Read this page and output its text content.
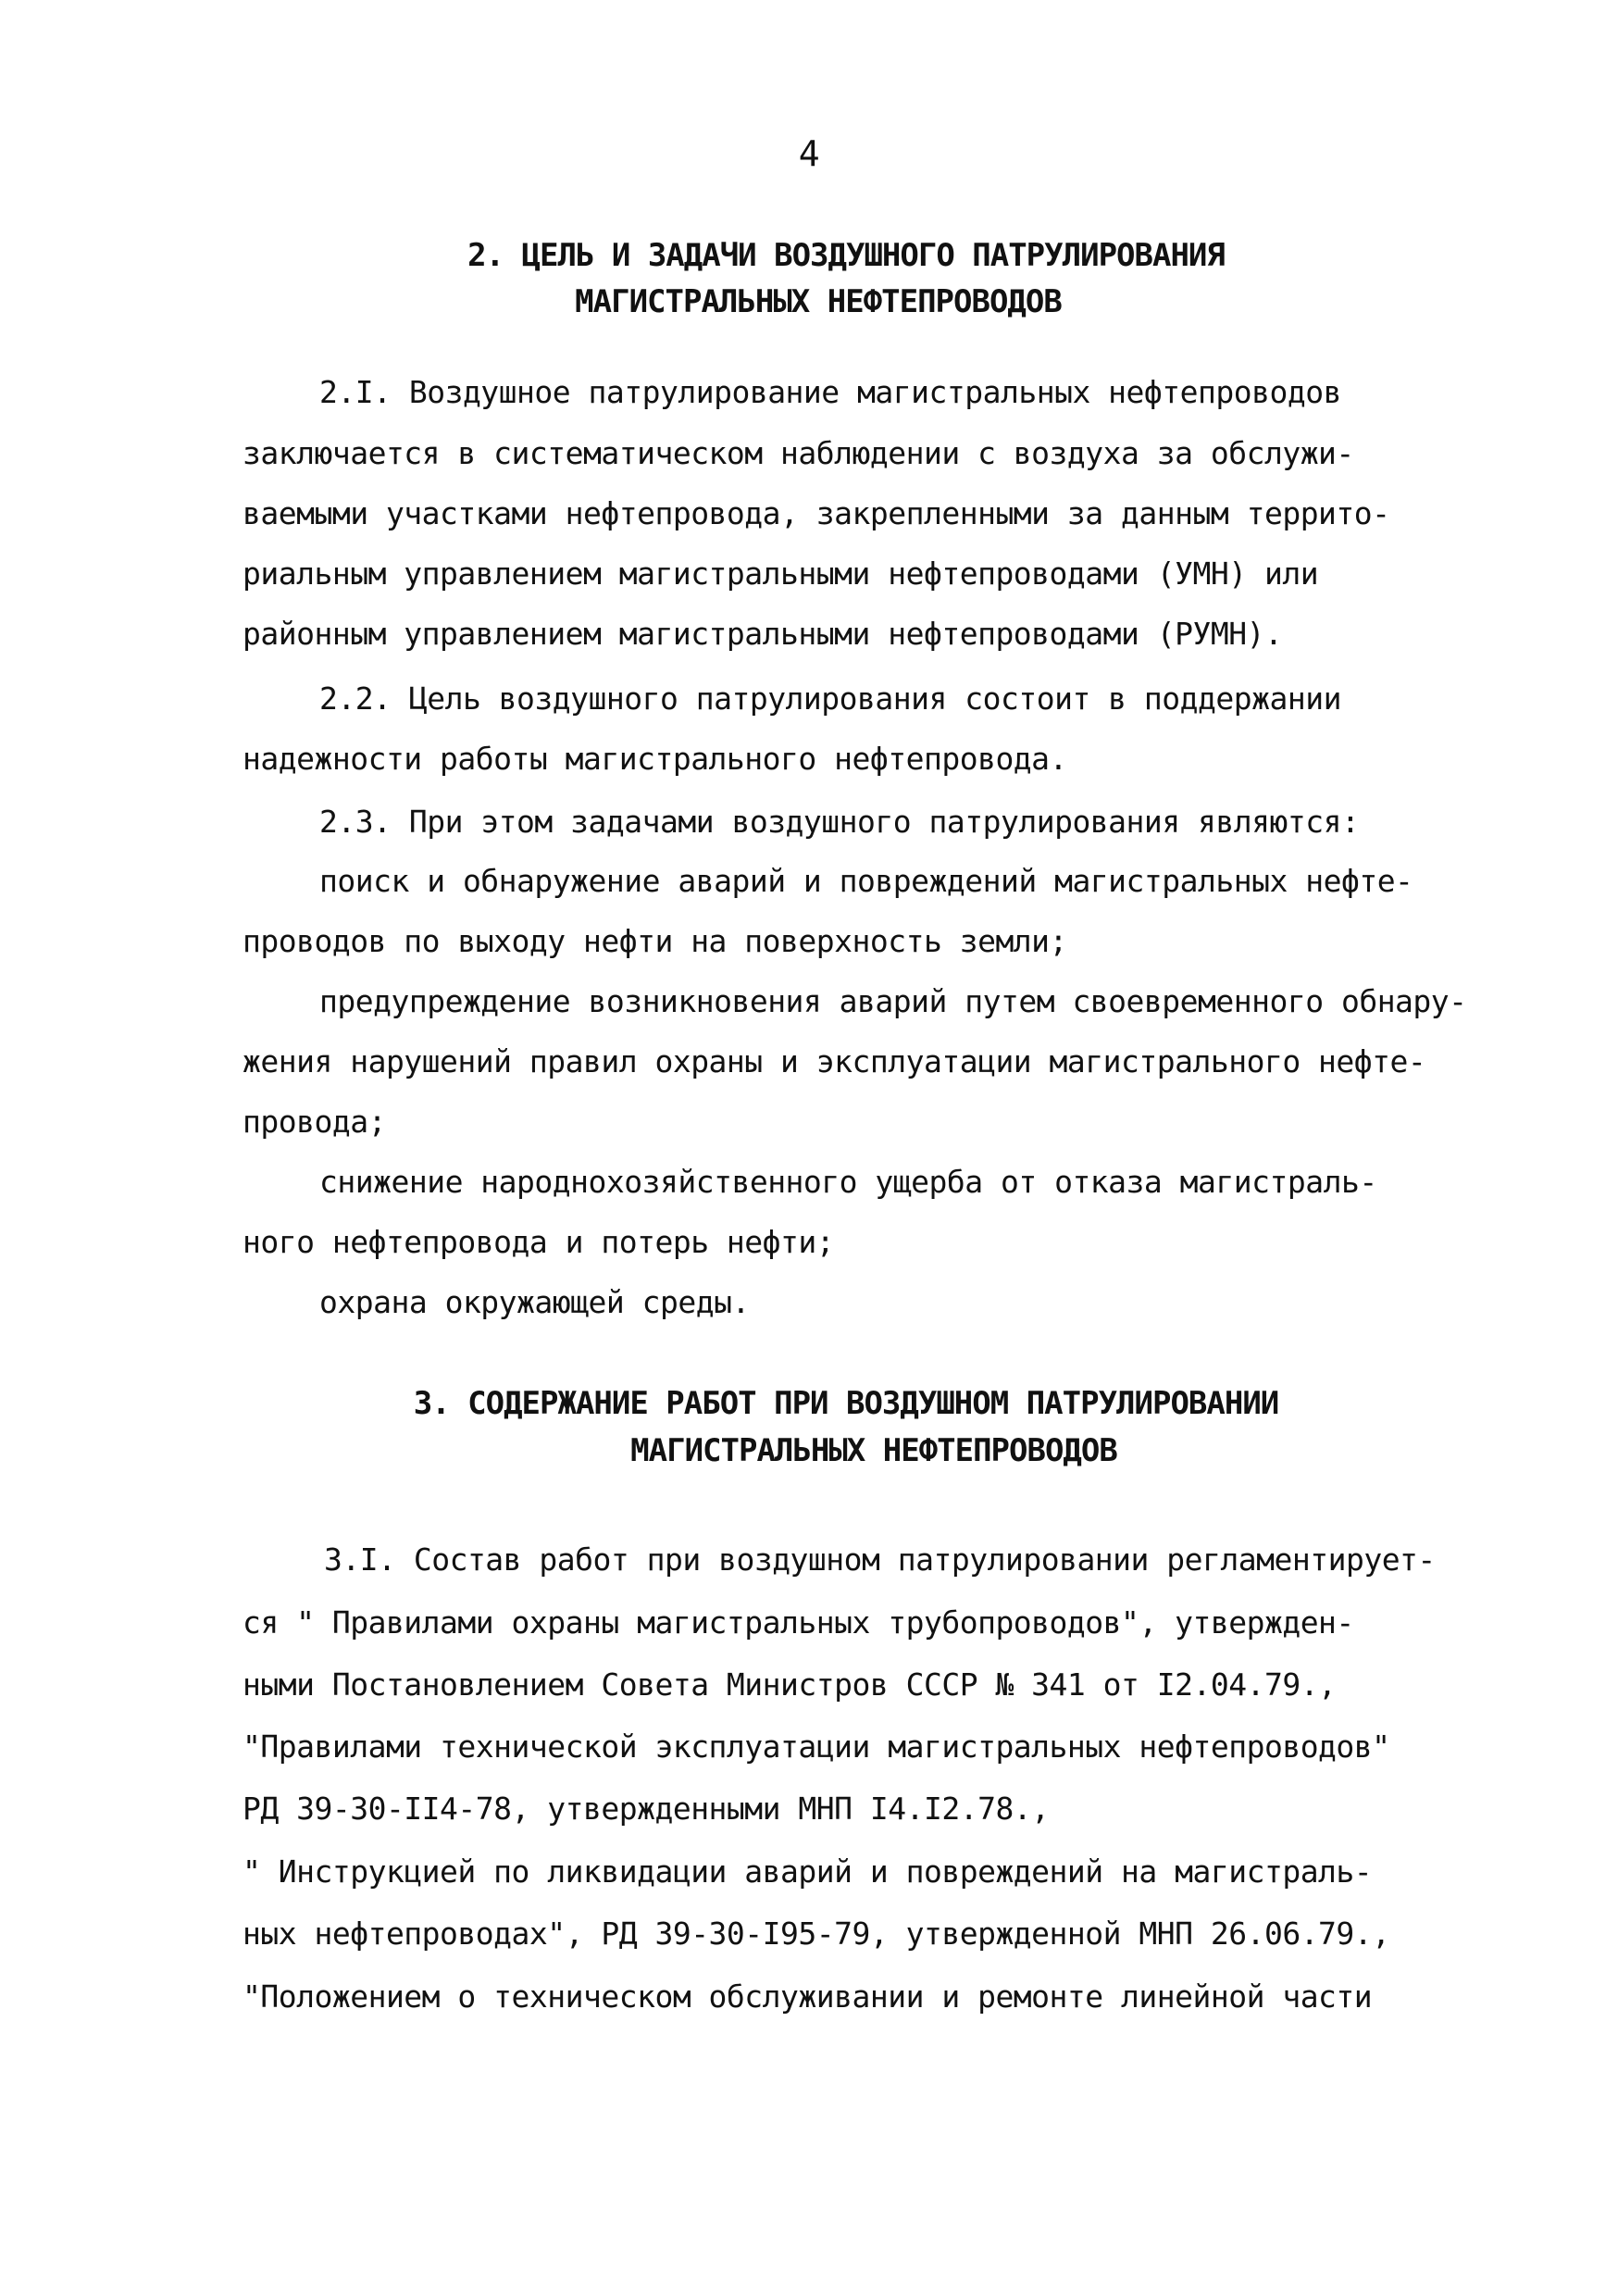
4
2. ЦЕЛЬ И ЗАДАЧИ ВОЗДУШНОГО ПАТРУЛИРОВАНИЯ
МАГИСТРАЛЬНЫХ НЕФТЕПРОВОДОВ
2.I. Воздушное патрулирование магистральных нефтепроводов
заключается в систематическом наблюдении с воздуха за обслужи-
ваемыми участками нефтепровода, закрепленными за данным террито-
риальным управлением магистральными нефтепроводами (УМН) или
районным управлением магистральными нефтепроводами (РУМН).
2.2. Цель воздушного патрулирования состоит в поддержании
надежности работы магистрального нефтепровода.
2.3. При этом задачами воздушного патрулирования являются:
поиск и обнаружение аварий и повреждений магистральных нефте-
проводов по выходу нефти на поверхность земли;
предупреждение возникновения аварий путем своевременного обнару-
жения нарушений правил охраны и эксплуатации магистрального нефте-
провода;
снижение народнохозяйственного ущерба от отказа магистраль-
ного нефтепровода и потерь нефти;
охрана окружающей среды.
3. СОДЕРЖАНИЕ РАБОТ ПРИ ВОЗДУШНОМ ПАТРУЛИРОВАНИИ
МАГИСТРАЛЬНЫХ НЕФТЕПРОВОДОВ
3.I. Состав работ при воздушном патрулировании регламентирует-
ся " Правилами охраны магистральных трубопроводов", утвержден-
ными Постановлением Совета Министров СССР № 341 от I2.04.79.,
"Правилами технической эксплуатации магистральных нефтепроводов"
РД 39-30-II4-78, утвержденными МНП I4.I2.78.,
" Инструкцией по ликвидации аварий и повреждений на магистраль-
ных нефтепроводах", РД 39-30-I95-79, утвержденной МНП 26.06.79.,
"Положением о техническом обслуживании и ремонте линейной части
